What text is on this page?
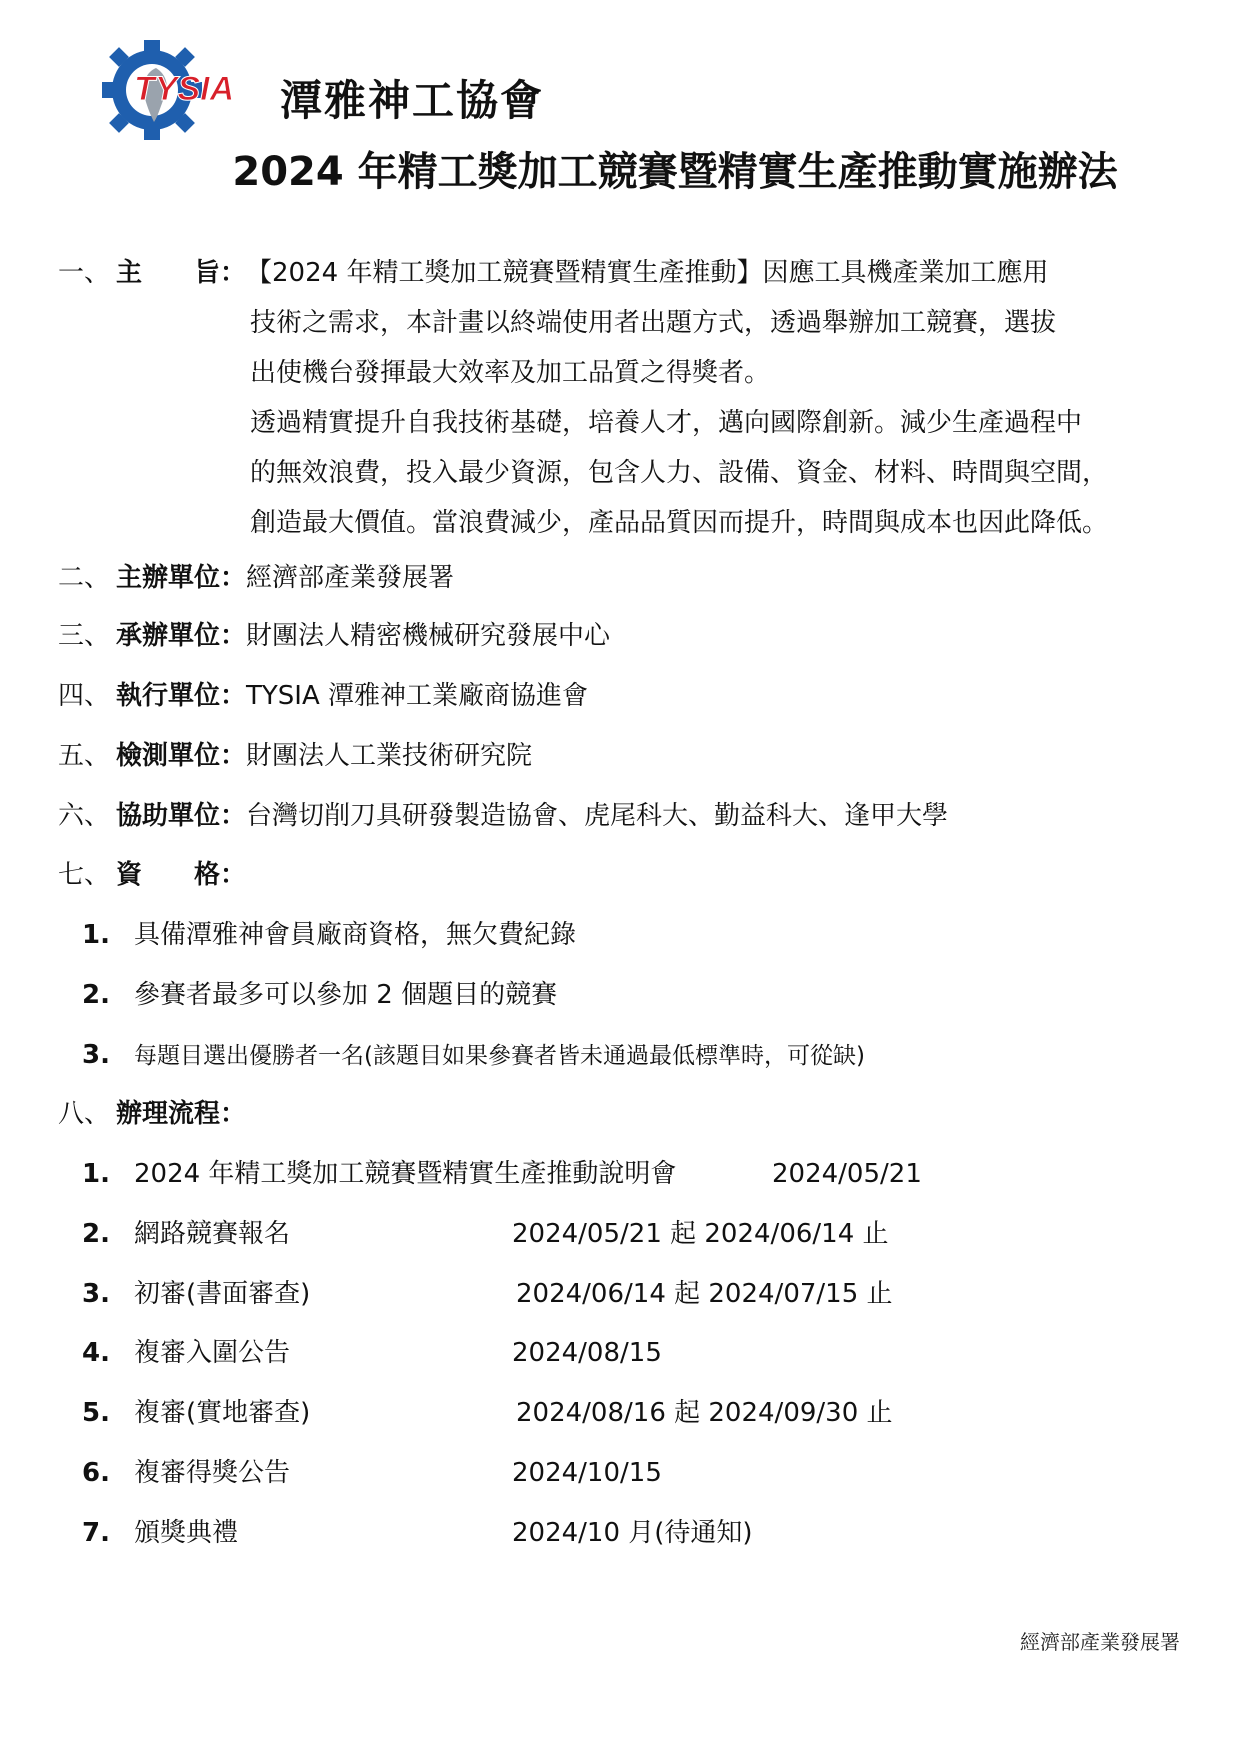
TYSIA 潭雅神工協會
2024 年精工獎加工競賽暨精實生產推動實施辦法
一、 主　　旨：【2024 年精工獎加工競賽暨精實生產推動】因應工具機產業加工應用
技術之需求，本計畫以終端使用者出題方式，透過舉辦加工競賽，選拔
出使機台發揮最大效率及加工品質之得獎者。
透過精實提升自我技術基礎，培養人才，邁向國際創新。減少生產過程中
的無效浪費，投入最少資源，包含人力、設備、資金、材料、時間與空間，
創造最大價值。當浪費減少，產品品質因而提升，時間與成本也因此降低。
二、 主辦單位：經濟部產業發展署
三、 承辦單位：財團法人精密機械研究發展中心
四、 執行單位：TYSIA 潭雅神工業廠商協進會
五、 檢測單位：財團法人工業技術研究院
六、 協助單位：台灣切削刀具研發製造協會、虎尾科大、勤益科大、逢甲大學
七、 資　　格：
1. 具備潭雅神會員廠商資格，無欠費紀錄
2. 參賽者最多可以參加 2 個題目的競賽
3. 每題目選出優勝者一名(該題目如果參賽者皆未通過最低標準時，可從缺)
八、 辦理流程：
1. 2024 年精工獎加工競賽暨精實生產推動說明會	2024/05/21
2. 網路競賽報名	2024/05/21 起 2024/06/14 止
3. 初審(書面審查)	2024/06/14 起 2024/07/15 止
4. 複審入圍公告	2024/08/15
5. 複審(實地審查)	2024/08/16 起 2024/09/30 止
6. 複審得獎公告	2024/10/15
7. 頒獎典禮	2024/10 月(待通知)
經濟部產業發展署
